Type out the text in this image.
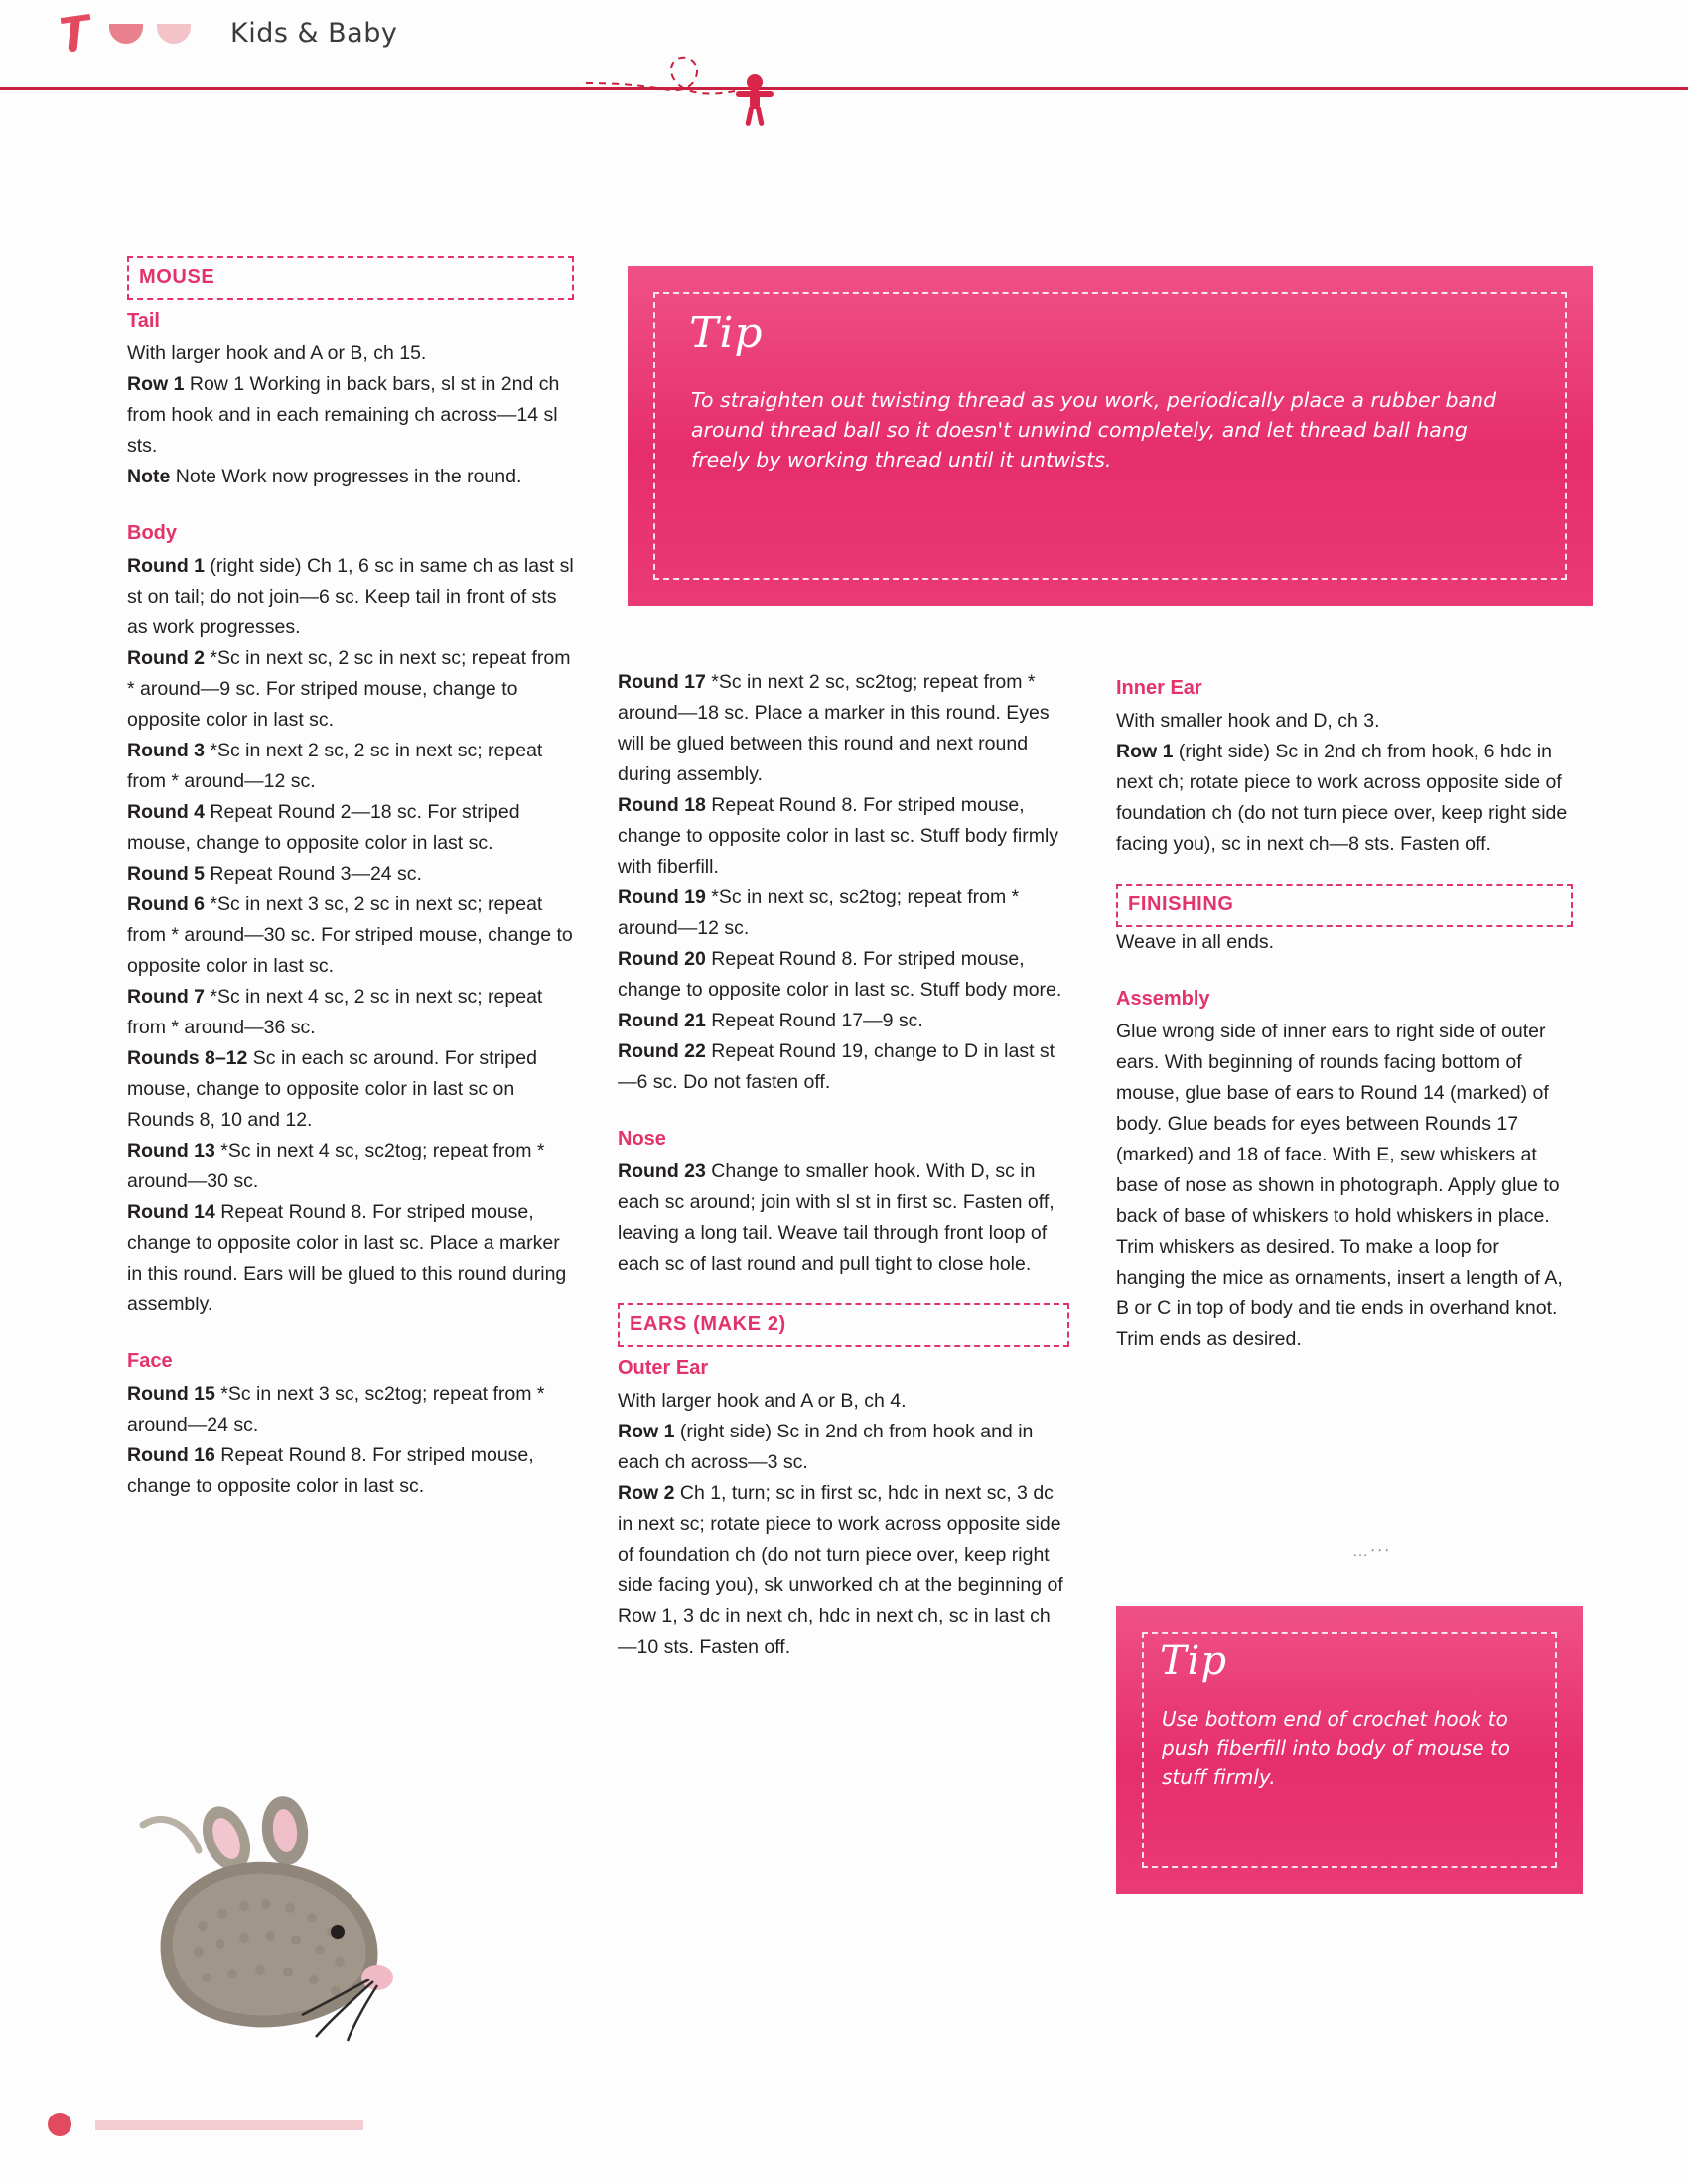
Kids & Baby
Tip
To straighten out twisting thread as you work, periodically place a rubber band around thread ball so it doesn't unwind completely, and let thread ball hang freely by working thread until it untwists.
Tip
Use bottom end of crochet hook to push fiberfill into body of mouse to stuff firmly.
MOUSE
Tail

With larger hook and A or B, ch 15.

Row 1 Row 1 Working in back bars, sl st in 2nd ch from hook and in each remaining ch across—14 sl sts.

Note Note Work now progresses in the round.

Body

Round 1 (right side) Ch 1, 6 sc in same ch as last sl st on tail; do not join—6 sc. Keep tail in front of sts as work progresses.

Round 2 *Sc in next sc, 2 sc in next sc; repeat from * around—9 sc. For striped mouse, change to opposite color in last sc.

Round 3 *Sc in next 2 sc, 2 sc in next sc; repeat from * around—12 sc.

Round 4 Repeat Round 2—18 sc. For striped mouse, change to opposite color in last sc.

Round 5 Repeat Round 3—24 sc.

Round 6 *Sc in next 3 sc, 2 sc in next sc; repeat from * around—30 sc. For striped mouse, change to opposite color in last sc.

Round 7 *Sc in next 4 sc, 2 sc in next sc; repeat from * around—36 sc.

Rounds 8–12 Sc in each sc around. For striped mouse, change to opposite color in last sc on Rounds 8, 10 and 12.

Round 13 *Sc in next 4 sc, sc2tog; repeat from * around—30 sc.

Round 14 Repeat Round 8. For striped mouse, change to opposite color in last sc. Place a marker in this round. Ears will be glued to this round during assembly.

Face

Round 15 *Sc in next 3 sc, sc2tog; repeat from * around—24 sc.

Round 16 Repeat Round 8. For striped mouse, change to opposite color in last sc.

Round 17 *Sc in next 2 sc, sc2tog; repeat from * around—18 sc. Place a marker in this round. Eyes will be glued between this round and next round during assembly.

Round 18 Repeat Round 8. For striped mouse, change to opposite color in last sc. Stuff body firmly with fiberfill.

Round 19 *Sc in next sc, sc2tog; repeat from * around—12 sc.

Round 20 Repeat Round 8. For striped mouse, change to opposite color in last sc. Stuff body more.

Round 21 Repeat Round 17—9 sc.

Round 22 Repeat Round 19, change to D in last st—6 sc. Do not fasten off.

Nose

Round 23 Change to smaller hook. With D, sc in each sc around; join with sl st in first sc. Fasten off, leaving a long tail. Weave tail through front loop of each sc of last round and pull tight to close hole.

EARS (MAKE 2)
Outer Ear

With larger hook and A or B, ch 4.

Row 1 (right side) Sc in 2nd ch from hook and in each ch across—3 sc.

Row 2 Ch 1, turn; sc in first sc, hdc in next sc, 3 dc in next sc; rotate piece to work across opposite side of foundation ch (do not turn piece over, keep right side facing you), sk unworked ch at the beginning of Row 1, 3 dc in next ch, hdc in next ch, sc in last ch—10 sts. Fasten off.

Inner Ear

With smaller hook and D, ch 3.

Row 1 (right side) Sc in 2nd ch from hook, 6 hdc in next ch; rotate piece to work across opposite side of foundation ch (do not turn piece over, keep right side facing you), sc in next ch—8 sts. Fasten off.

FINISHING

Weave in all ends.

Assembly

Glue wrong side of inner ears to right side of outer ears. With beginning of rounds facing bottom of mouse, glue base of ears to Round 14 (marked) of body. Glue beads for eyes between Rounds 17 (marked) and 18 of face. With E, sew whiskers at base of nose as shown in photograph. Apply glue to back of base of whiskers to hold whiskers in place. Trim whiskers as desired. To make a loop for hanging the mice as ornaments, insert a length of A, B or C in top of body and tie ends in overhand knot. Trim ends as desired.

…‧‧‧
